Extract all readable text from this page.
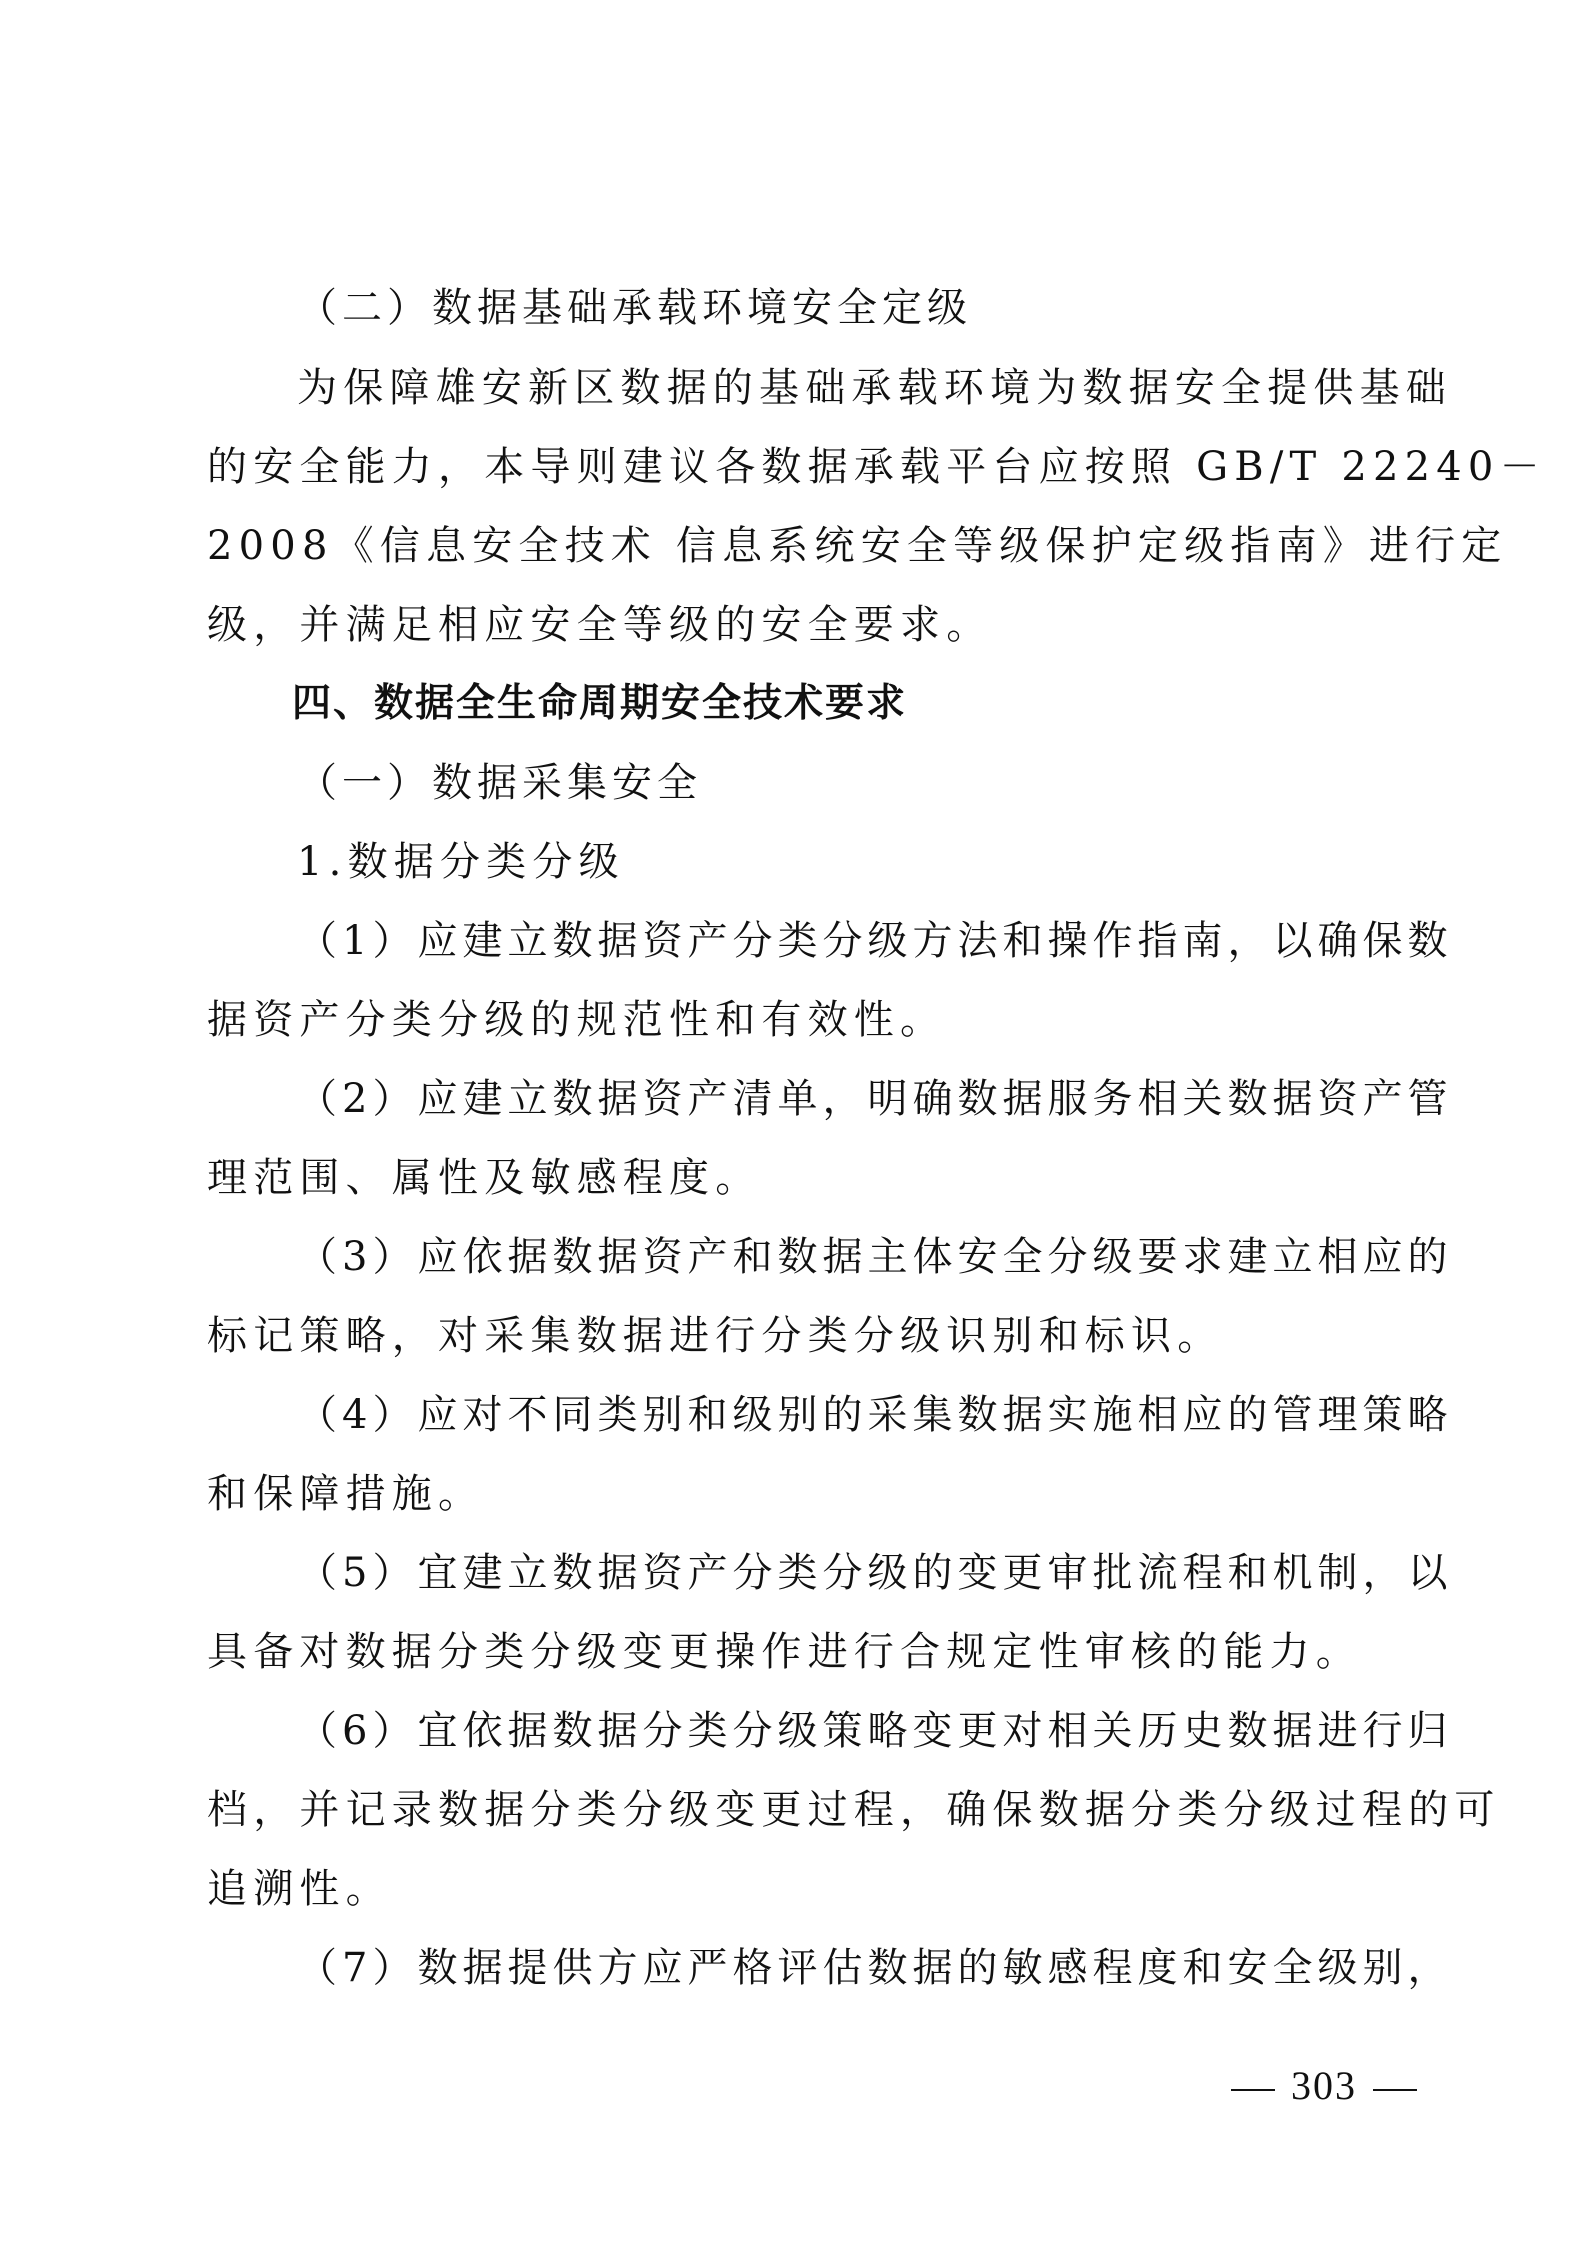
（二）数据基础承载环境安全定级
为保障雄安新区数据的基础承载环境为数据安全提供基础
的安全能力，本导则建议各数据承载平台应按照 GB/T 22240－
2008《信息安全技术 信息系统安全等级保护定级指南》进行定
级，并满足相应安全等级的安全要求。
四、数据全生命周期安全技术要求
（一）数据采集安全
1.数据分类分级
（1）应建立数据资产分类分级方法和操作指南，以确保数
据资产分类分级的规范性和有效性。
（2）应建立数据资产清单，明确数据服务相关数据资产管
理范围、属性及敏感程度。
（3）应依据数据资产和数据主体安全分级要求建立相应的
标记策略，对采集数据进行分类分级识别和标识。
（4）应对不同类别和级别的采集数据实施相应的管理策略
和保障措施。
（5）宜建立数据资产分类分级的变更审批流程和机制，以
具备对数据分类分级变更操作进行合规定性审核的能力。
（6）宜依据数据分类分级策略变更对相关历史数据进行归
档，并记录数据分类分级变更过程，确保数据分类分级过程的可
追溯性。
（7）数据提供方应严格评估数据的敏感程度和安全级别，
303
